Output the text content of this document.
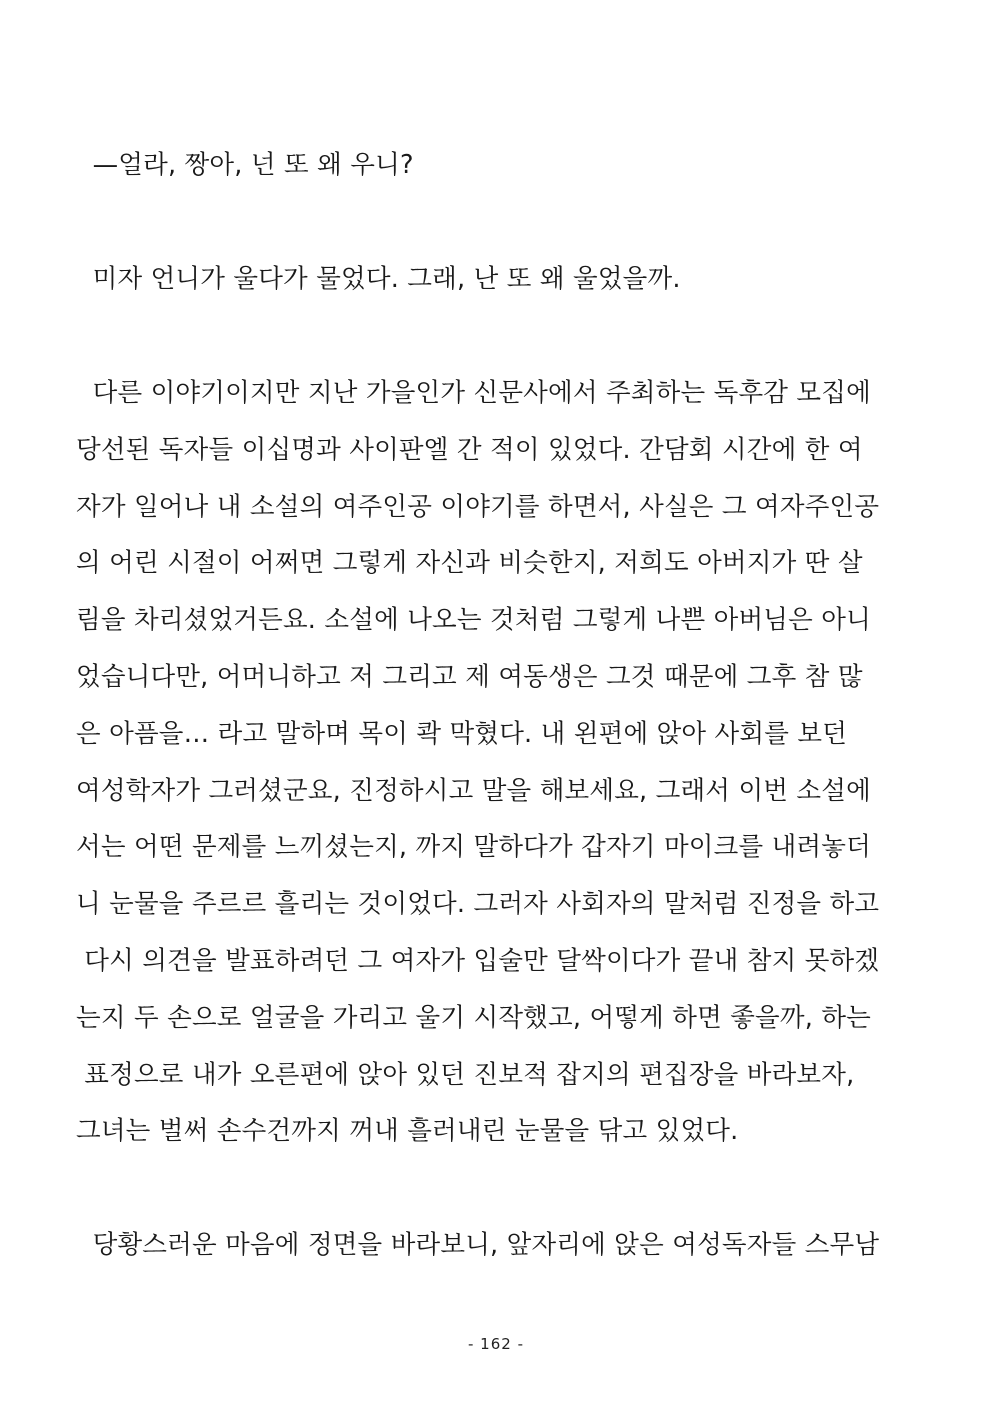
—얼라, 짱아, 넌 또 왜 우니?
미자 언니가 울다가 물었다. 그래, 난 또 왜 울었을까.
다른 이야기이지만 지난 가을인가 신문사에서 주최하는 독후감 모집에
당선된 독자들 이십명과 사이판엘 간 적이 있었다. 간담회 시간에 한 여
자가 일어나 내 소설의 여주인공 이야기를 하면서, 사실은 그 여자주인공
의 어린 시절이 어쩌면 그렇게 자신과 비슷한지, 저희도 아버지가 딴 살
림을 차리셨었거든요. 소설에 나오는 것처럼 그렇게 나쁜 아버님은 아니
었습니다만, 어머니하고 저 그리고 제 여동생은 그것 때문에 그후 참 많
은 아픔을… 라고 말하며 목이 콱 막혔다. 내 왼편에 앉아 사회를 보던
여성학자가 그러셨군요, 진정하시고 말을 해보세요, 그래서 이번 소설에
서는 어떤 문제를 느끼셨는지, 까지 말하다가 갑자기 마이크를 내려놓더
니 눈물을 주르르 흘리는 것이었다. 그러자 사회자의 말처럼 진정을 하고
다시 의견을 발표하려던 그 여자가 입술만 달싹이다가 끝내 참지 못하겠
는지 두 손으로 얼굴을 가리고 울기 시작했고, 어떻게 하면 좋을까, 하는
표정으로 내가 오른편에 앉아 있던 진보적 잡지의 편집장을 바라보자,
그녀는 벌써 손수건까지 꺼내 흘러내린 눈물을 닦고 있었다.
당황스러운 마음에 정면을 바라보니, 앞자리에 앉은 여성독자들 스무남
- 162 -
